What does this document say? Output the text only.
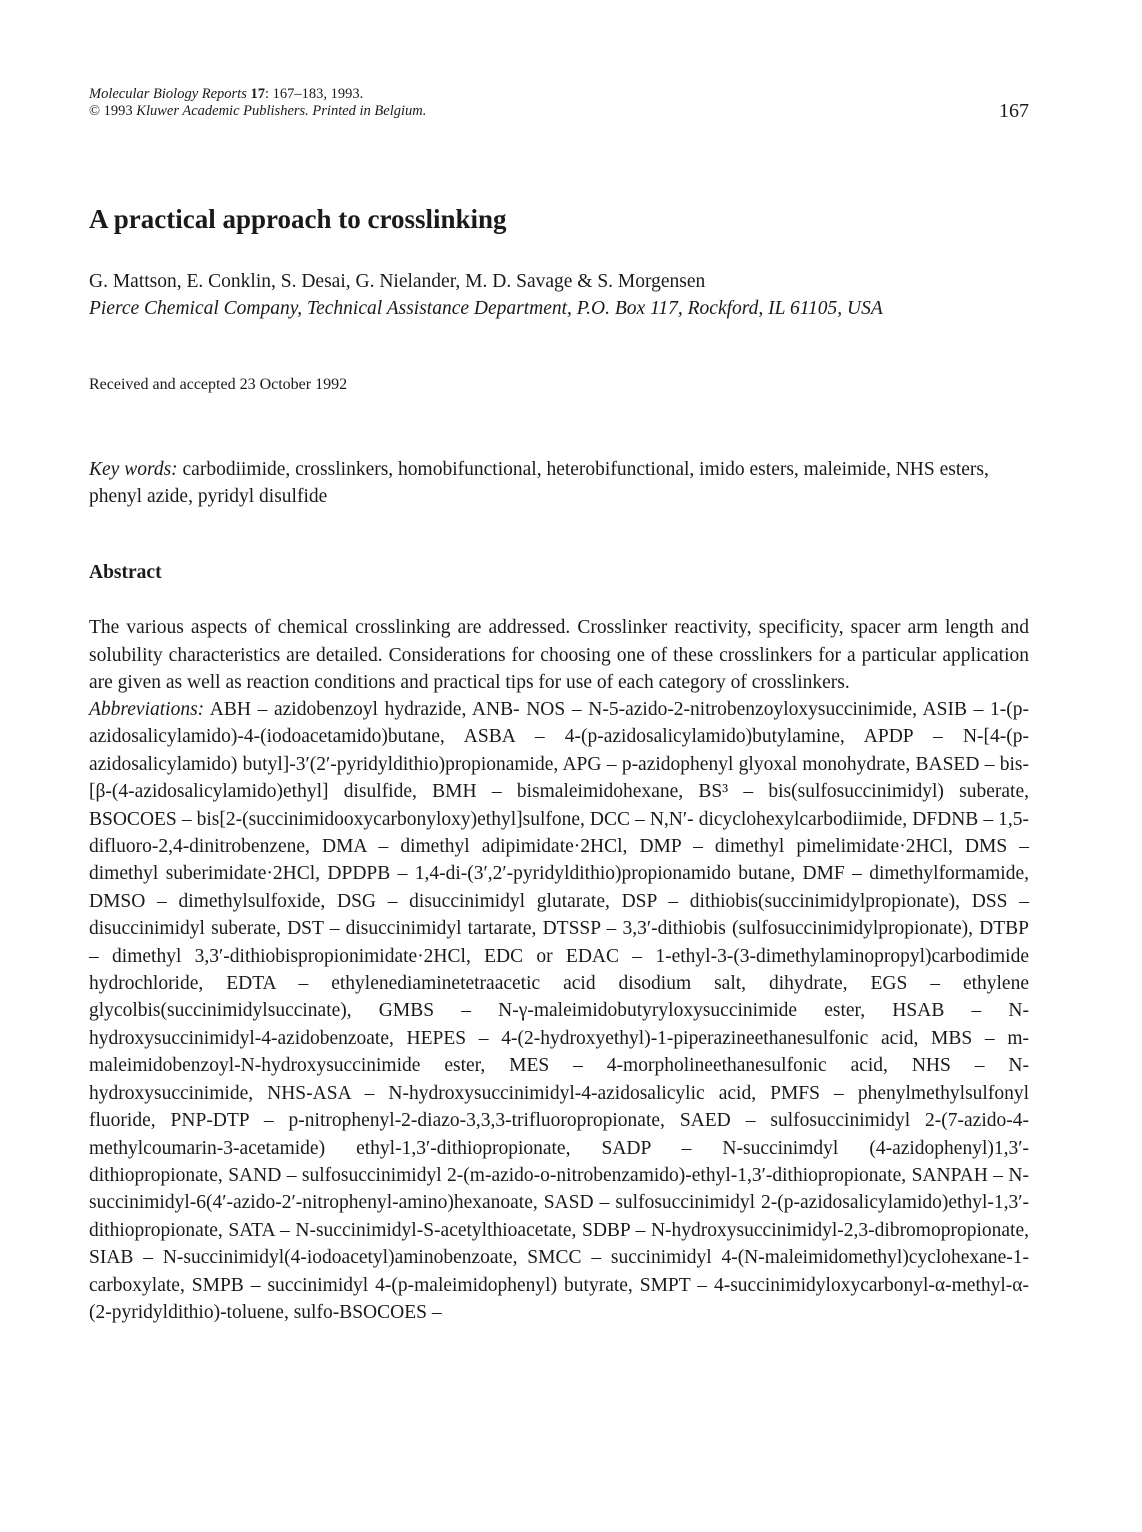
Molecular Biology Reports 17: 167–183, 1993.
© 1993 Kluwer Academic Publishers. Printed in Belgium.	167
A practical approach to crosslinking
G. Mattson, E. Conklin, S. Desai, G. Nielander, M. D. Savage & S. Morgensen
Pierce Chemical Company, Technical Assistance Department, P.O. Box 117, Rockford, IL 61105, USA
Received and accepted 23 October 1992
Key words: carbodiimide, crosslinkers, homobifunctional, heterobifunctional, imido esters, maleimide, NHS esters, phenyl azide, pyridyl disulfide
Abstract

The various aspects of chemical crosslinking are addressed. Crosslinker reactivity, specificity, spacer arm length and solubility characteristics are detailed. Considerations for choosing one of these crosslinkers for a particular application are given as well as reaction conditions and practical tips for use of each category of crosslinkers.

Abbreviations: ABH – azidobenzoyl hydrazide, ANB- NOS – N-5-azido-2-nitrobenzoyloxysuccinimide, ASIB – 1-(p-azidosalicylamido)-4-(iodoacetamido)butane, ASBA – 4-(p-azidosalicylamido)butylamine, APDP – N-[4-(p-azidosalicylamido) butyl]-3′(2′-pyridyldithio)propionamide, APG – p-azidophenyl glyoxal monohydrate, BASED – bis-[β-(4-azidosalicylamido)ethyl] disulfide, BMH – bismaleimidohexane, BS³ – bis(sulfosuccinimidyl) suberate, BSOCOES – bis[2-(succinimidooxycarbonyloxy)ethyl]sulfone, DCC – N,N′- dicyclohexylcarbodiimide, DFDNB – 1,5-difluoro-2,4-dinitrobenzene, DMA – dimethyl adipimidate·2HCl, DMP – dimethyl pimelimidate·2HCl, DMS – dimethyl suberimidate·2HCl, DPDPB – 1,4-di-(3′,2′-pyridyldithio)propionamido butane, DMF – dimethylformamide, DMSO – dimethylsulfoxide, DSG – disuccinimidyl glutarate, DSP – dithiobis(succinimidylpropionate), DSS – disuccinimidyl suberate, DST – disuccinimidyl tartarate, DTSSP – 3,3′-dithiobis (sulfosuccinimidylpropionate), DTBP – dimethyl 3,3′-dithiobispropionimidate·2HCl, EDC or EDAC – 1-ethyl-3-(3-dimethylaminopropyl)carbodimide hydrochloride, EDTA – ethylenediaminetetraacetic acid disodium salt, dihydrate, EGS – ethylene glycolbis(succinimidylsuccinate), GMBS – N-γ-maleimidobutyryloxysuccinimide ester, HSAB – N-hydroxysuccinimidyl-4-azidobenzoate, HEPES – 4-(2-hydroxyethyl)-1-piperazineethanesulfonic acid, MBS – m-maleimidobenzoyl-N-hydroxysuccinimide ester, MES – 4-morpholineethanesulfonic acid, NHS – N-hydroxysuccinimide, NHS-ASA – N-hydroxysuccinimidyl-4-azidosalicylic acid, PMFS – phenylmethylsulfonyl fluoride, PNP-DTP – p-nitrophenyl-2-diazo-3,3,3-trifluoropropionate, SAED – sulfosuccinimidyl 2-(7-azido-4-methylcoumarin-3-acetamide) ethyl-1,3′-dithiopropionate, SADP – N-succinimdyl (4-azidophenyl)1,3′-dithiopropionate, SAND – sulfosuccinimidyl 2-(m-azido-o-nitrobenzamido)-ethyl-1,3′-dithiopropionate, SANPAH – N-succinimidyl-6(4′-azido-2′-nitrophenyl-amino)hexanoate, SASD – sulfosuccinimidyl 2-(p-azidosalicylamido)ethyl-1,3′-dithiopropionate, SATA – N-succinimidyl-S-acetylthioacetate, SDBP – N-hydroxysuccinimidyl-2,3-dibromopropionate, SIAB – N-succinimidyl(4-iodoacetyl)aminobenzoate, SMCC – succinimidyl 4-(N-maleimidomethyl)cyclohexane-1-carboxylate, SMPB – succinimidyl 4-(p-maleimidophenyl) butyrate, SMPT – 4-succinimidyloxycarbonyl-α-methyl-α-(2-pyridyldithio)-toluene, sulfo-BSOCOES –
